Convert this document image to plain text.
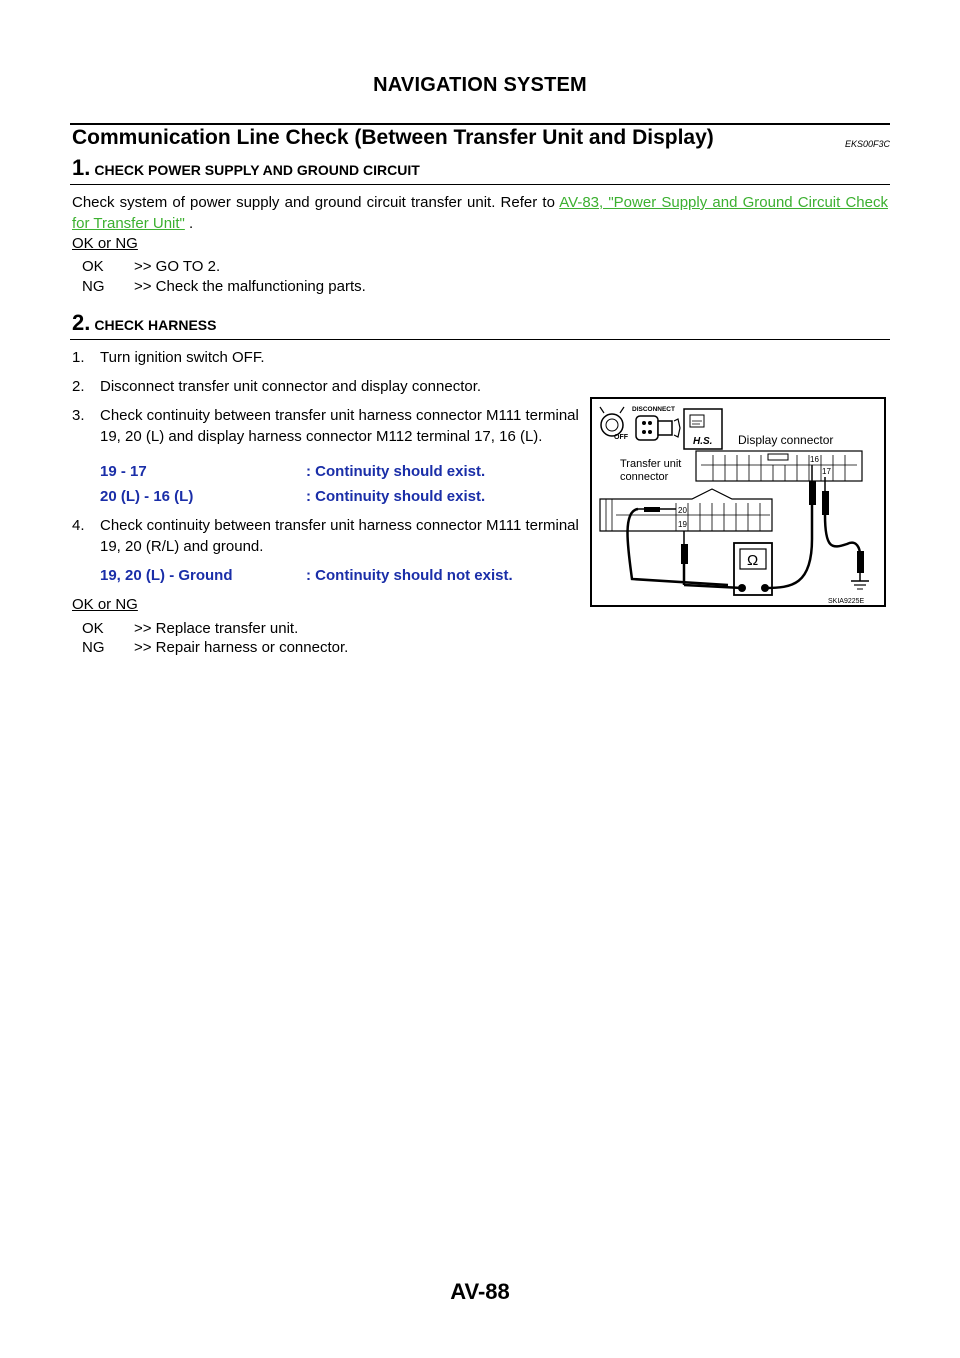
NAVIGATION SYSTEM
Communication Line Check (Between Transfer Unit and Display)	EKS00F3C
1. CHECK POWER SUPPLY AND GROUND CIRCUIT
Check system of power supply and ground circuit transfer unit. Refer to AV-83, "Power Supply and Ground Circuit Check for Transfer Unit" .
OK or NG
OK >> GO TO 2.
NG >> Check the malfunctioning parts.
2. CHECK HARNESS
1. Turn ignition switch OFF.
2. Disconnect transfer unit connector and display connector.
3. Check continuity between transfer unit harness connector M111 terminal 19, 20 (L) and display harness connector M112 terminal 17, 16 (L).
19 - 17	: Continuity should exist.
20 (L) - 16 (L)	: Continuity should exist.
4. Check continuity between transfer unit harness connector M111 terminal 19, 20 (R/L) and ground.
19, 20 (L) - Ground	: Continuity should not exist.
OK or NG
OK >> Replace transfer unit.
NG >> Repair harness or connector.
OFF
DISCONNECT
H.S. Display connector
16
17
Transfer unit
connector
20
19
Ω
SKIA9225E
AV-88
